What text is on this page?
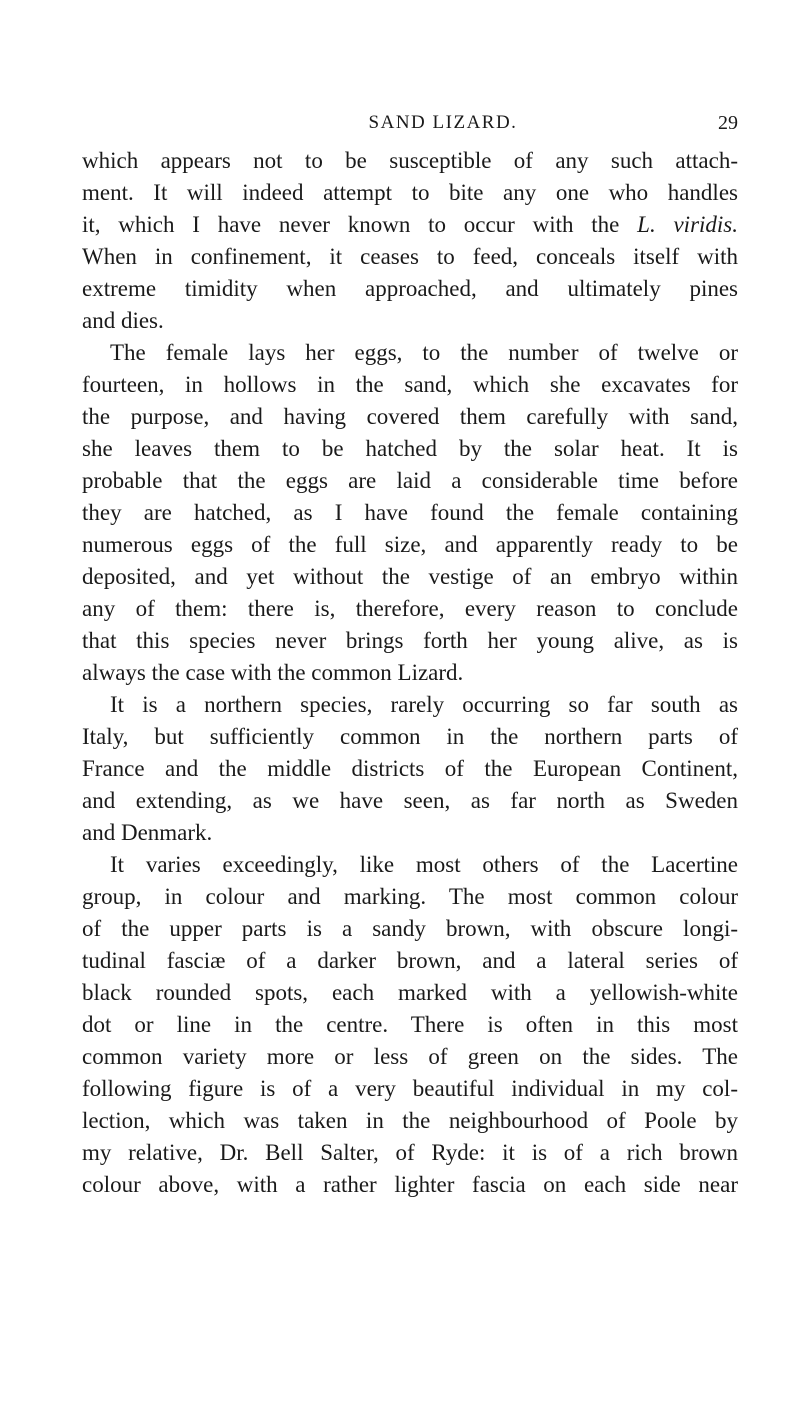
SAND LIZARD.	29
which appears not to be susceptible of any such attach-
ment. It will indeed attempt to bite any one who handles
it, which I have never known to occur with the L. viridis.
When in confinement, it ceases to feed, conceals itself with
extreme timidity when approached, and ultimately pines
and dies.
The female lays her eggs, to the number of twelve or
fourteen, in hollows in the sand, which she excavates for
the purpose, and having covered them carefully with sand,
she leaves them to be hatched by the solar heat. It is
probable that the eggs are laid a considerable time before
they are hatched, as I have found the female containing
numerous eggs of the full size, and apparently ready to be
deposited, and yet without the vestige of an embryo within
any of them: there is, therefore, every reason to conclude
that this species never brings forth her young alive, as is
always the case with the common Lizard.
It is a northern species, rarely occurring so far south as
Italy, but sufficiently common in the northern parts of
France and the middle districts of the European Continent,
and extending, as we have seen, as far north as Sweden
and Denmark.
It varies exceedingly, like most others of the Lacertine
group, in colour and marking. The most common colour
of the upper parts is a sandy brown, with obscure longi-
tudinal fasciæ of a darker brown, and a lateral series of
black rounded spots, each marked with a yellowish-white
dot or line in the centre. There is often in this most
common variety more or less of green on the sides. The
following figure is of a very beautiful individual in my col-
lection, which was taken in the neighbourhood of Poole by
my relative, Dr. Bell Salter, of Ryde: it is of a rich brown
colour above, with a rather lighter fascia on each side near
